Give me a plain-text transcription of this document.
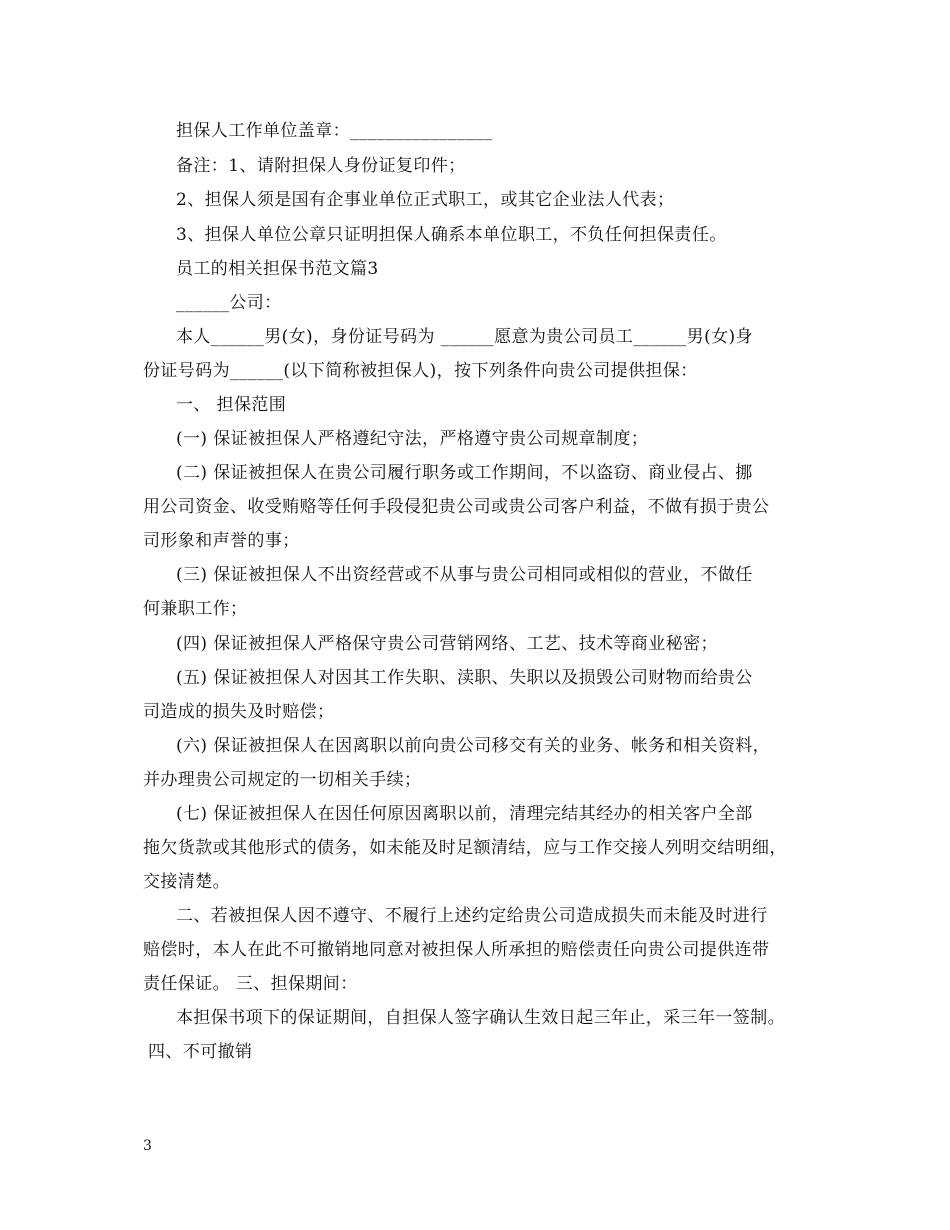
担保人工作单位盖章：________________
备注：1、请附担保人身份证复印件；
2、担保人须是国有企事业单位正式职工，或其它企业法人代表；
3、担保人单位公章只证明担保人确系本单位职工，不负任何担保责任。
员工的相关担保书范文篇3
______公司：
本人______男(女)，身份证号码为 ______愿意为贵公司员工______男(女)身
份证号码为______(以下简称被担保人)，按下列条件向贵公司提供担保：
一、 担保范围
(一) 保证被担保人严格遵纪守法，严格遵守贵公司规章制度；
(二) 保证被担保人在贵公司履行职务或工作期间，不以盗窃、商业侵占、挪
用公司资金、收受贿赂等任何手段侵犯贵公司或贵公司客户利益，不做有损于贵公
司形象和声誉的事；
(三) 保证被担保人不出资经营或不从事与贵公司相同或相似的营业，不做任
何兼职工作；
(四) 保证被担保人严格保守贵公司营销网络、工艺、技术等商业秘密；
(五) 保证被担保人对因其工作失职、渎职、失职以及损毁公司财物而给贵公
司造成的损失及时赔偿；
(六) 保证被担保人在因离职以前向贵公司移交有关的业务、帐务和相关资料，
并办理贵公司规定的一切相关手续；
(七) 保证被担保人在因任何原因离职以前，清理完结其经办的相关客户全部
拖欠货款或其他形式的债务，如未能及时足额清结，应与工作交接人列明交结明细，
交接清楚。
二、若被担保人因不遵守、不履行上述约定给贵公司造成损失而未能及时进行
赔偿时，本人在此不可撤销地同意对被担保人所承担的赔偿责任向贵公司提供连带
责任保证。 三、担保期间：
本担保书项下的保证期间，自担保人签字确认生效日起三年止，采三年一签制。
四、不可撤销
3
